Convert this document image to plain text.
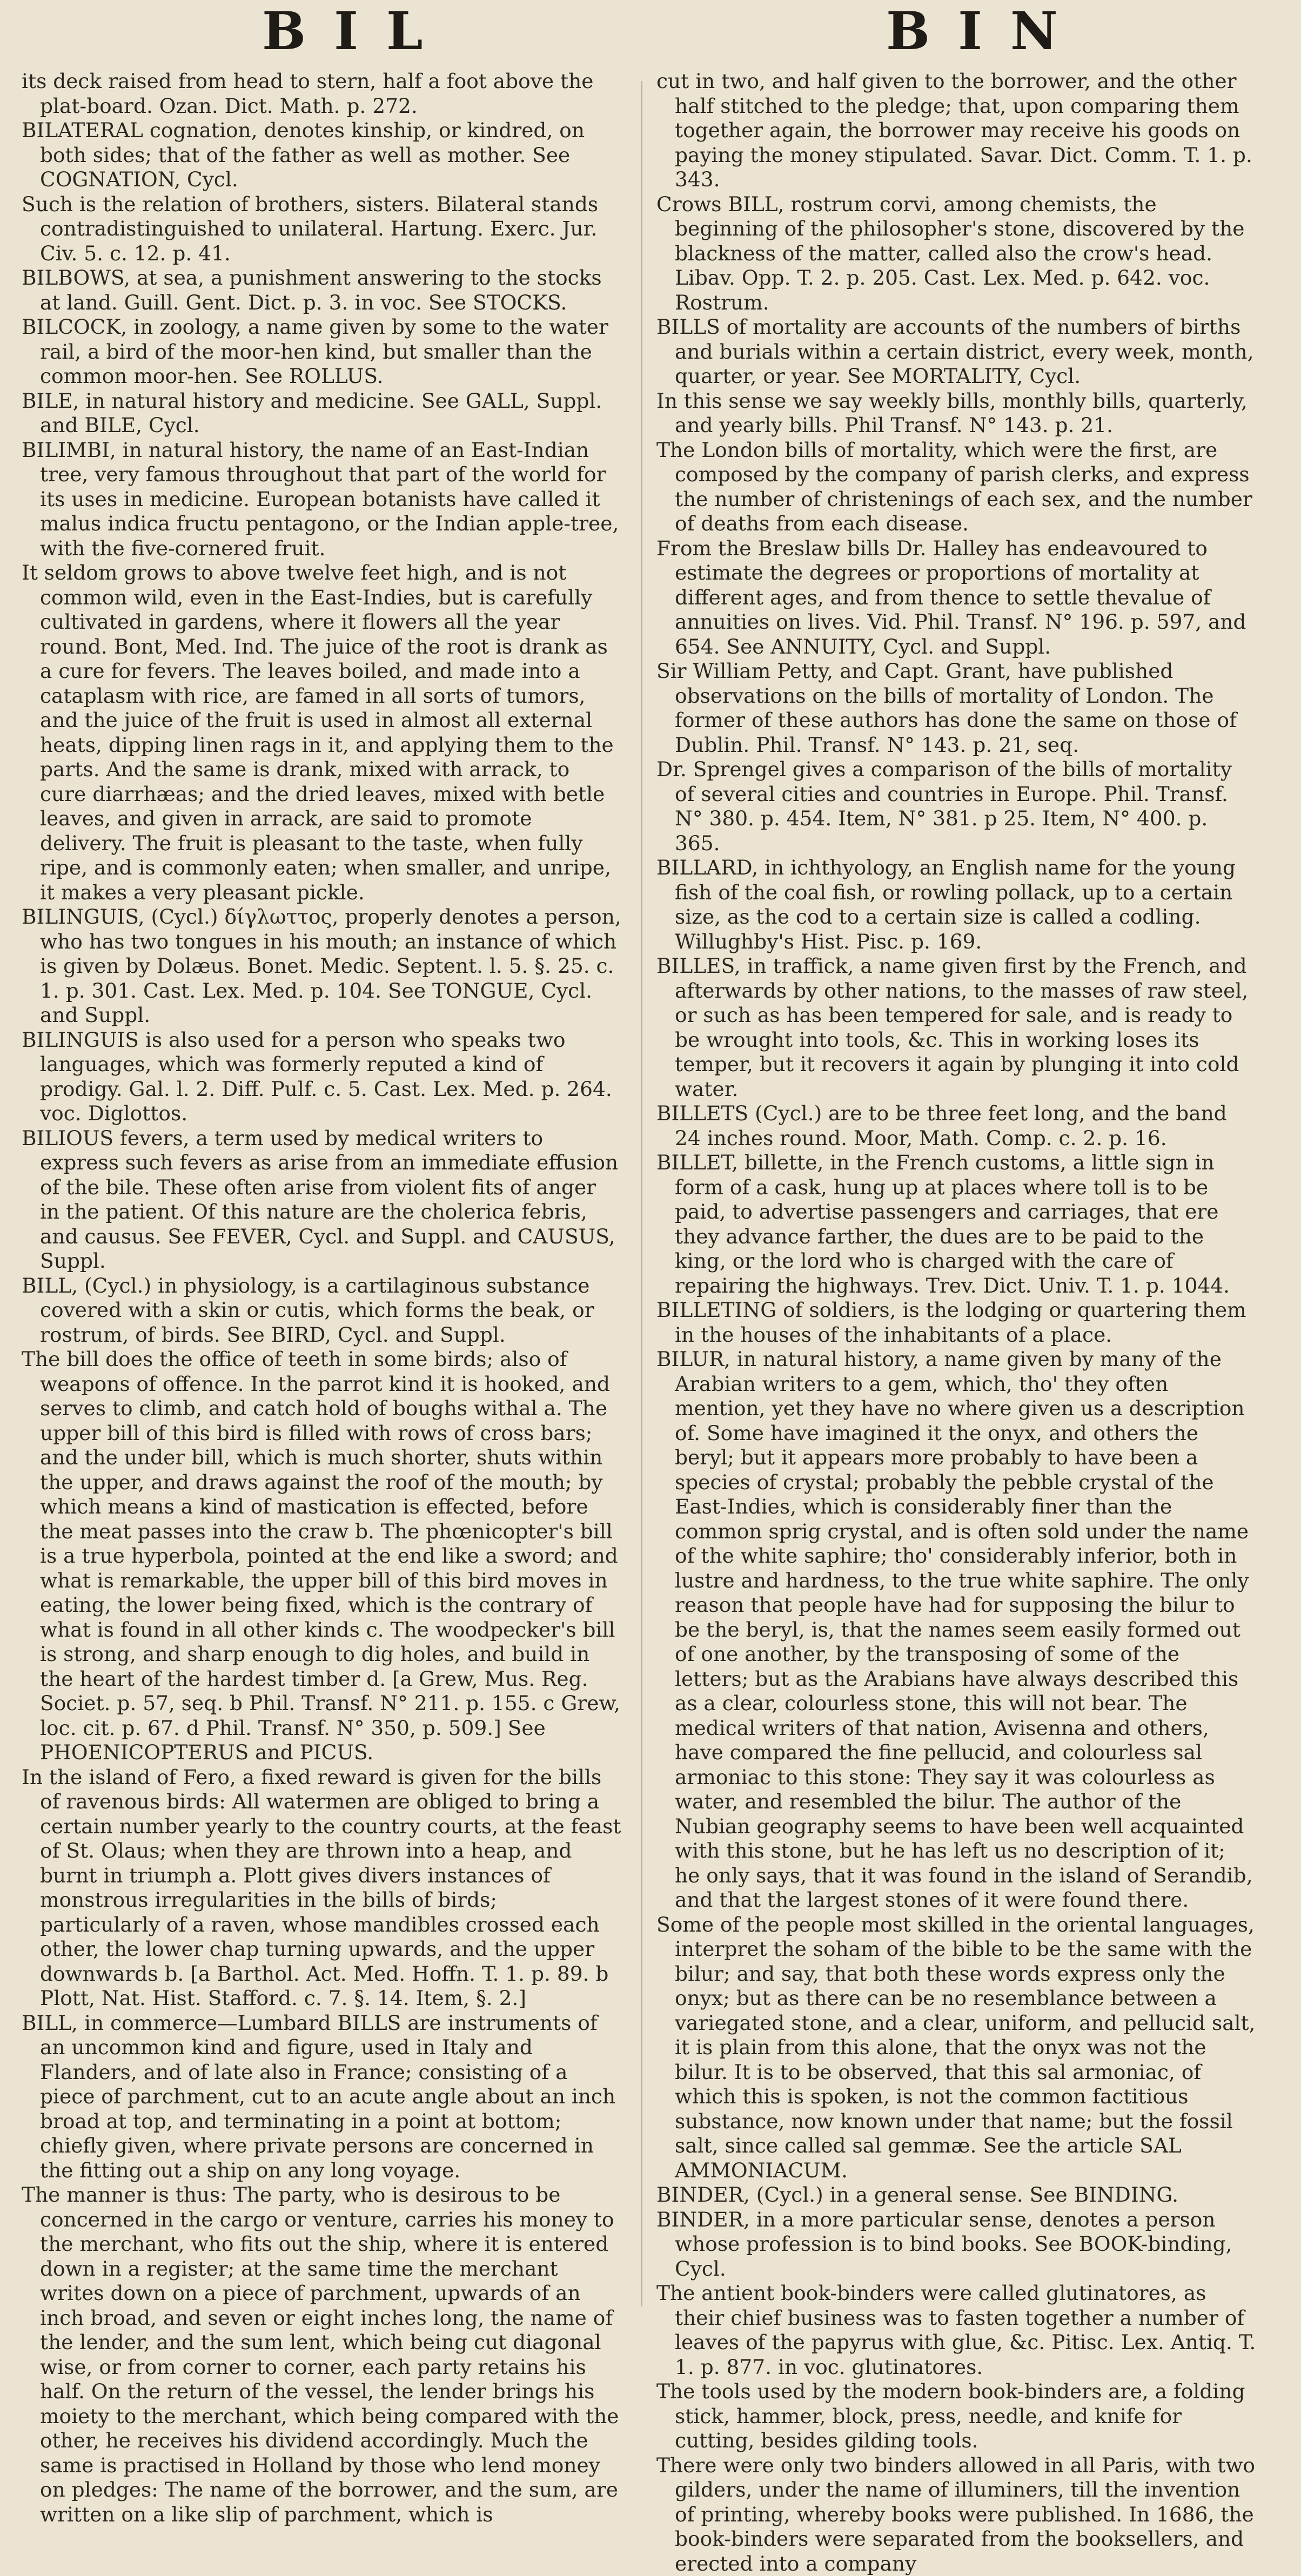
BIL	BIN

its deck raised from head to stern, half a foot above the plat-board. Ozan. Dict. Math. p. 272.

BILATERAL cognation, denotes kinship, or kindred, on both sides; that of the father as well as mother. See COGNATION, Cycl.

Such is the relation of brothers, sisters. Bilateral stands contradistinguished to unilateral. Hartung. Exerc. Jur. Civ. 5. c. 12. p. 41.

BILBOWS, at sea, a punishment answering to the stocks at land. Guill. Gent. Dict. p. 3. in voc. See STOCKS.

BILCOCK, in zoology, a name given by some to the water rail, a bird of the moor-hen kind, but smaller than the common moor-hen. See ROLLUS.

BILE, in natural history and medicine. See GALL, Suppl. and BILE, Cycl.

BILIMBI, in natural history, the name of an East-Indian tree, very famous throughout that part of the world for its uses in medicine. European botanists have called it malus indica fructu pentagono, or the Indian apple-tree, with the five-cornered fruit.

It seldom grows to above twelve feet high, and is not common wild, even in the East-Indies, but is carefully cultivated in gardens, where it flowers all the year round. Bont, Med. Ind. The juice of the root is drank as a cure for fevers. The leaves boiled, and made into a cataplasm with rice, are famed in all sorts of tumors, and the juice of the fruit is used in almost all external heats, dipping linen rags in it, and applying them to the parts. And the same is drank, mixed with arrack, to cure diarrhæas; and the dried leaves, mixed with betle leaves, and given in arrack, are said to promote delivery. The fruit is pleasant to the taste, when fully ripe, and is commonly eaten; when smaller, and unripe, it makes a very pleasant pickle.

BILINGUIS, (Cycl.) δίγλωττος, properly denotes a person, who has two tongues in his mouth; an instance of which is given by Dolæus. Bonet. Medic. Septent. l. 5. §. 25. c. 1. p. 301. Cast. Lex. Med. p. 104. See TONGUE, Cycl. and Suppl.

BILINGUIS is also used for a person who speaks two languages, which was formerly reputed a kind of prodigy. Gal. l. 2. Diff. Pulf. c. 5. Cast. Lex. Med. p. 264. voc. Diglottos.

BILIOUS fevers, a term used by medical writers to express such fevers as arise from an immediate effusion of the bile. These often arise from violent fits of anger in the patient. Of this nature are the cholerica febris, and causus. See FEVER, Cycl. and Suppl. and CAUSUS, Suppl.

BILL, (Cycl.) in physiology, is a cartilaginous substance covered with a skin or cutis, which forms the beak, or rostrum, of birds. See BIRD, Cycl. and Suppl.

The bill does the office of teeth in some birds; also of weapons of offence. In the parrot kind it is hooked, and serves to climb, and catch hold of boughs withal a. The upper bill of this bird is filled with rows of cross bars; and the under bill, which is much shorter, shuts within the upper, and draws against the roof of the mouth; by which means a kind of mastication is effected, before the meat passes into the craw b. The phœnicopter's bill is a true hyperbola, pointed at the end like a sword; and what is remarkable, the upper bill of this bird moves in eating, the lower being fixed, which is the contrary of what is found in all other kinds c. The woodpecker's bill is strong, and sharp enough to dig holes, and build in the heart of the hardest timber d. [a Grew, Mus. Reg. Societ. p. 57, seq. b Phil. Transf. N° 211. p. 155. c Grew, loc. cit. p. 67. d Phil. Transf. N° 350, p. 509.] See PHOENICOPTERUS and PICUS.

In the island of Fero, a fixed reward is given for the bills of ravenous birds: All watermen are obliged to bring a certain number yearly to the country courts, at the feast of St. Olaus; when they are thrown into a heap, and burnt in triumph a. Plott gives divers instances of monstrous irregularities in the bills of birds; particularly of a raven, whose mandibles crossed each other, the lower chap turning upwards, and the upper downwards b. [a Barthol. Act. Med. Hoffn. T. 1. p. 89. b Plott, Nat. Hist. Stafford. c. 7. §. 14. Item, §. 2.]

BILL, in commerce—Lumbard BILLS are instruments of an uncommon kind and figure, used in Italy and Flanders, and of late also in France; consisting of a piece of parchment, cut to an acute angle about an inch broad at top, and terminating in a point at bottom; chiefly given, where private persons are concerned in the fitting out a ship on any long voyage.

The manner is thus: The party, who is desirous to be concerned in the cargo or venture, carries his money to the merchant, who fits out the ship, where it is entered down in a register; at the same time the merchant writes down on a piece of parchment, upwards of an inch broad, and seven or eight inches long, the name of the lender, and the sum lent, which being cut diagonal wise, or from corner to corner, each party retains his half. On the return of the vessel, the lender brings his moiety to the merchant, which being compared with the other, he receives his dividend accordingly. Much the same is practised in Holland by those who lend money on pledges: The name of the borrower, and the sum, are written on a like slip of parchment, which is

cut in two, and half given to the borrower, and the other half stitched to the pledge; that, upon comparing them together again, the borrower may receive his goods on paying the money stipulated. Savar. Dict. Comm. T. 1. p. 343.

Crows BILL, rostrum corvi, among chemists, the beginning of the philosopher's stone, discovered by the blackness of the matter, called also the crow's head. Libav. Opp. T. 2. p. 205. Cast. Lex. Med. p. 642. voc. Rostrum.

BILLS of mortality are accounts of the numbers of births and burials within a certain district, every week, month, quarter, or year. See MORTALITY, Cycl.

In this sense we say weekly bills, monthly bills, quarterly, and yearly bills. Phil Transf. N° 143. p. 21.

The London bills of mortality, which were the first, are composed by the company of parish clerks, and express the number of christenings of each sex, and the number of deaths from each disease.

From the Breslaw bills Dr. Halley has endeavoured to estimate the degrees or proportions of mortality at different ages, and from thence to settle thevalue of annuities on lives. Vid. Phil. Transf. N° 196. p. 597, and 654. See ANNUITY, Cycl. and Suppl.

Sir William Petty, and Capt. Grant, have published observations on the bills of mortality of London. The former of these authors has done the same on those of Dublin. Phil. Transf. N° 143. p. 21, seq.

Dr. Sprengel gives a comparison of the bills of mortality of several cities and countries in Europe. Phil. Transf. N° 380. p. 454. Item, N° 381. p 25. Item, N° 400. p. 365.

BILLARD, in ichthyology, an English name for the young fish of the coal fish, or rowling pollack, up to a certain size, as the cod to a certain size is called a codling. Willughby's Hist. Pisc. p. 169.

BILLES, in traffick, a name given first by the French, and afterwards by other nations, to the masses of raw steel, or such as has been tempered for sale, and is ready to be wrought into tools, &c. This in working loses its temper, but it recovers it again by plunging it into cold water.

BILLETS (Cycl.) are to be three feet long, and the band 24 inches round. Moor, Math. Comp. c. 2. p. 16.

BILLET, billette, in the French customs, a little sign in form of a cask, hung up at places where toll is to be paid, to advertise passengers and carriages, that ere they advance farther, the dues are to be paid to the king, or the lord who is charged with the care of repairing the highways. Trev. Dict. Univ. T. 1. p. 1044.

BILLETING of soldiers, is the lodging or quartering them in the houses of the inhabitants of a place.

BILUR, in natural history, a name given by many of the Arabian writers to a gem, which, tho' they often mention, yet they have no where given us a description of. Some have imagined it the onyx, and others the beryl; but it appears more probably to have been a species of crystal; probably the pebble crystal of the East-Indies, which is considerably finer than the common sprig crystal, and is often sold under the name of the white saphire; tho' considerably inferior, both in lustre and hardness, to the true white saphire. The only reason that people have had for supposing the bilur to be the beryl, is, that the names seem easily formed out of one another, by the transposing of some of the letters; but as the Arabians have always described this as a clear, colourless stone, this will not bear. The medical writers of that nation, Avisenna and others, have compared the fine pellucid, and colourless sal armoniac to this stone: They say it was colourless as water, and resembled the bilur. The author of the Nubian geography seems to have been well acquainted with this stone, but he has left us no description of it; he only says, that it was found in the island of Serandib, and that the largest stones of it were found there.

Some of the people most skilled in the oriental languages, interpret the soham of the bible to be the same with the bilur; and say, that both these words express only the onyx; but as there can be no resemblance between a variegated stone, and a clear, uniform, and pellucid salt, it is plain from this alone, that the onyx was not the bilur. It is to be observed, that this sal armoniac, of which this is spoken, is not the common factitious substance, now known under that name; but the fossil salt, since called sal gemmæ. See the article SAL AMMONIACUM.

BINDER, (Cycl.) in a general sense. See BINDING.

BINDER, in a more particular sense, denotes a person whose profession is to bind books. See BOOK-binding, Cycl.

The antient book-binders were called glutinatores, as their chief business was to fasten together a number of leaves of the papyrus with glue, &c. Pitisc. Lex. Antiq. T. 1. p. 877. in voc. glutinatores.

The tools used by the modern book-binders are, a folding stick, hammer, block, press, needle, and knife for cutting, besides gilding tools.

There were only two binders allowed in all Paris, with two gilders, under the name of illuminers, till the invention of printing, whereby books were published. In 1686, the book-binders were separated from the booksellers, and erected into a company
